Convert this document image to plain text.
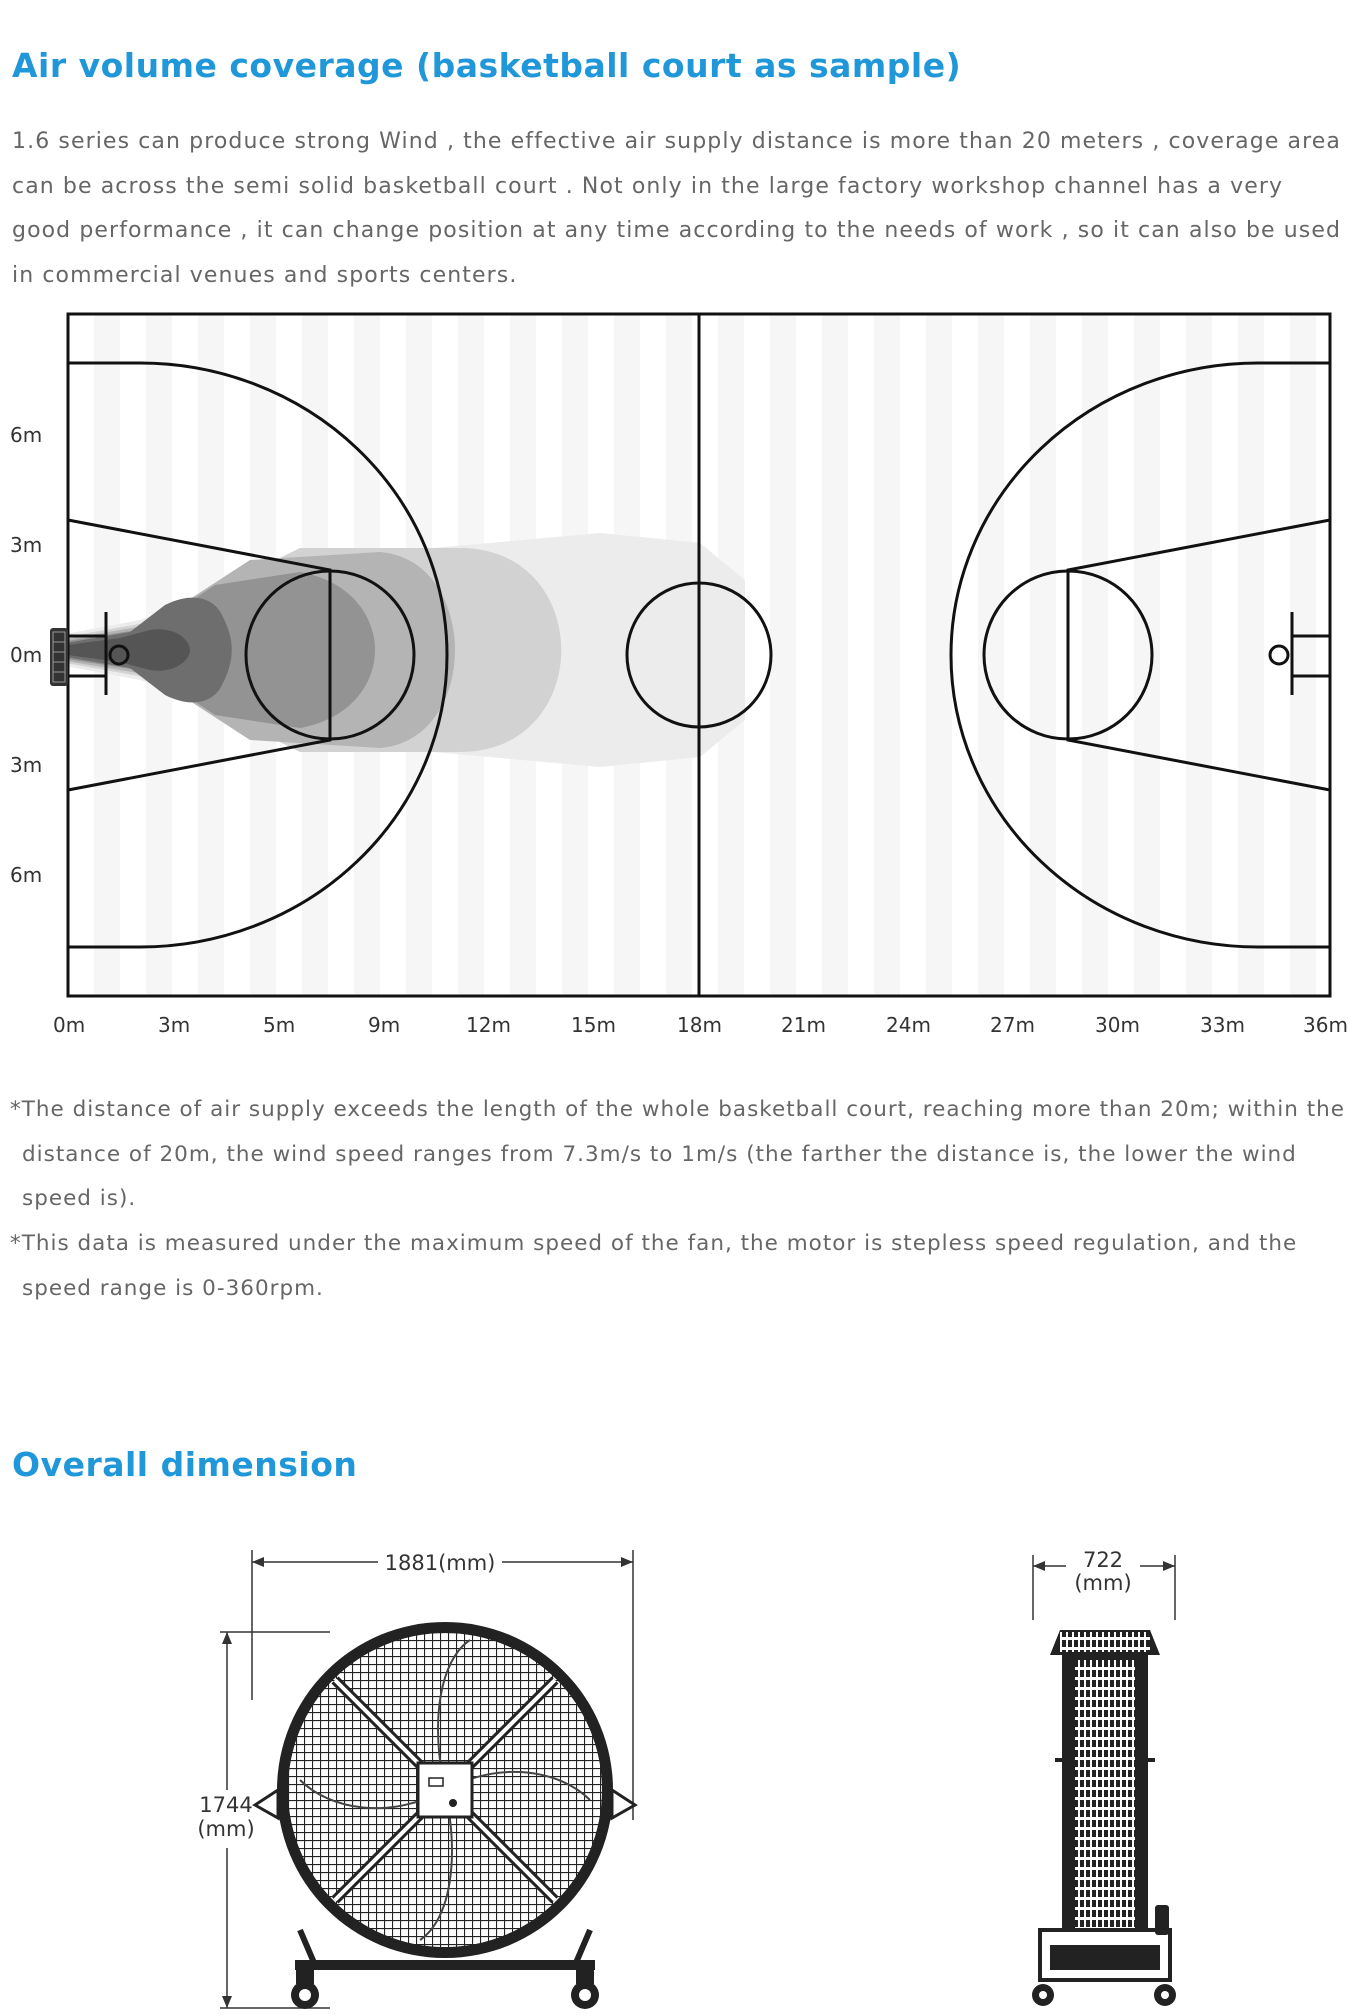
Air volume coverage (basketball court as sample)

1.6 series can produce strong Wind , the effective air supply distance is more than 20 meters , coverage area can be across the semi solid basketball court . Not only in the large factory workshop channel has a very good performance , it can change position at any time according to the needs of work , so it can also be used in commercial venues and sports centers.

6m
3m
0m
3m
6m
0m	3m	5m	9m	12m	15m	18m	21m	24m	27m	30m	33m	36m

*The distance of air supply exceeds the length of the whole basketball court, reaching more than 20m; within the distance of 20m, the wind speed ranges from 7.3m/s to 1m/s (the farther the distance is, the lower the wind speed is).

*This data is measured under the maximum speed of the fan, the motor is stepless speed regulation, and the speed range is 0-360rpm.

Overall dimension
1881(mm)
1744
(mm)
722
(mm)
